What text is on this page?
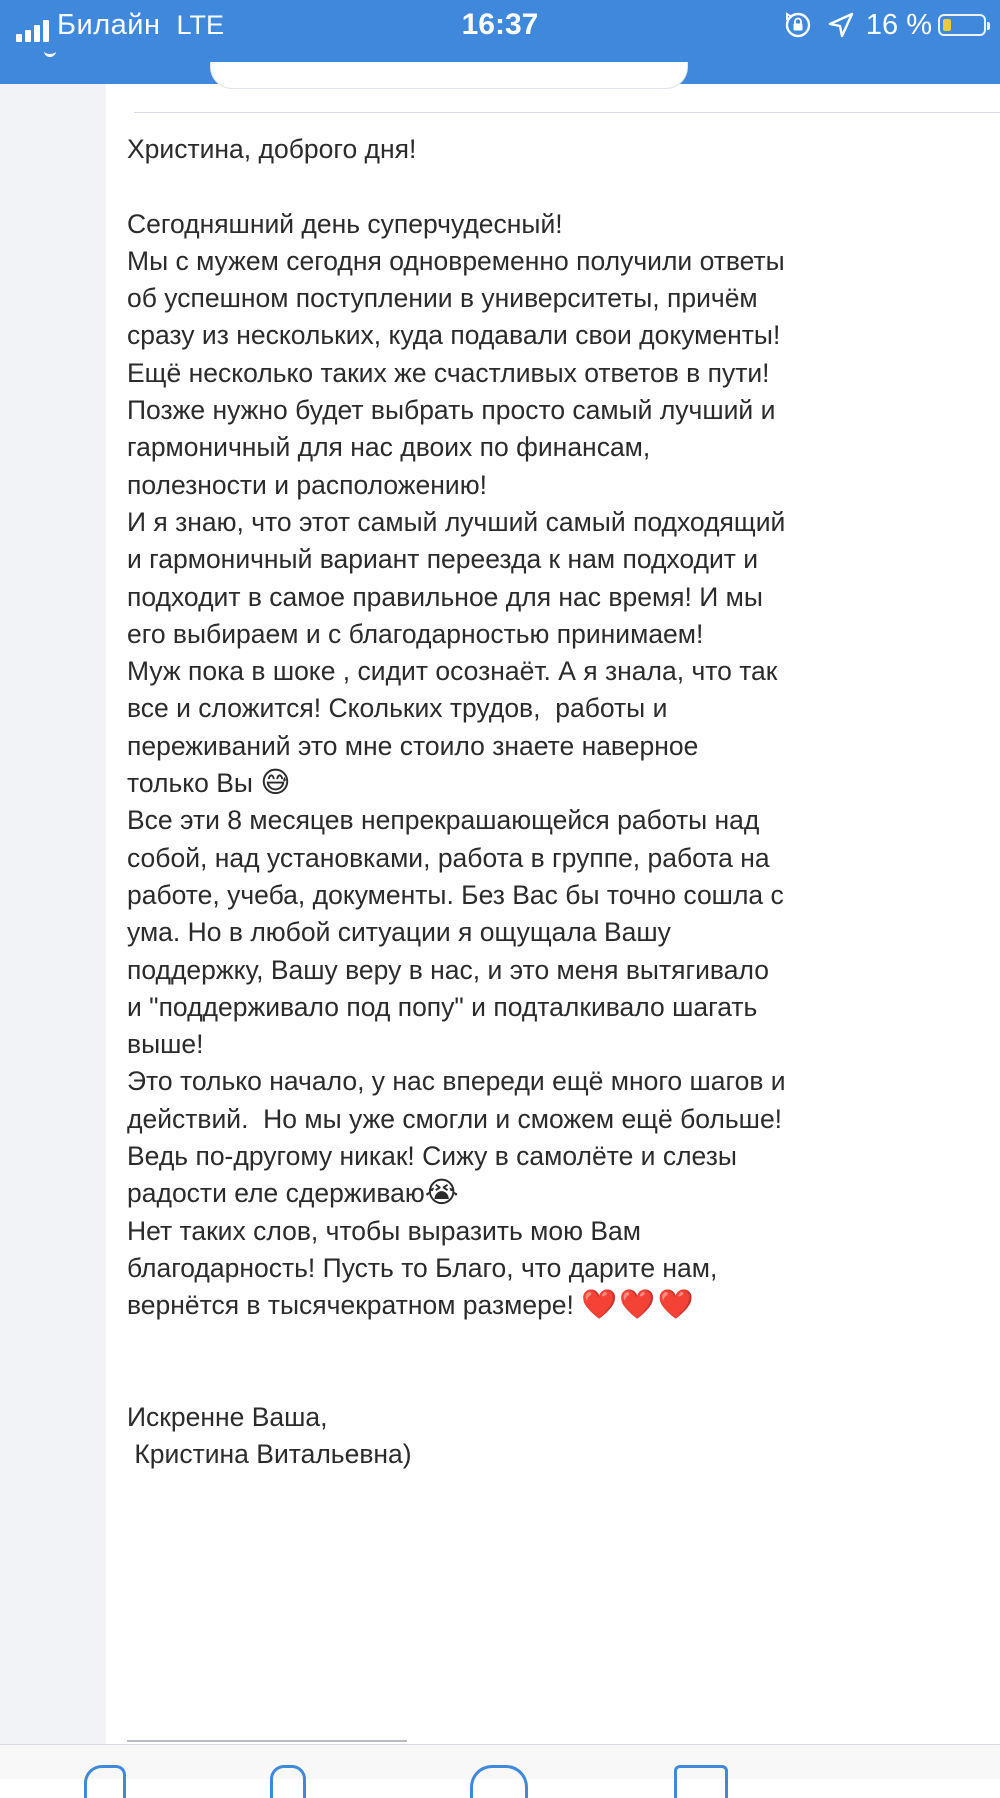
Билайн LTE	16:37	16 %

Христина, доброго дня!

Сегодняшний день суперчудесный!

Мы с мужем сегодня одновременно получили ответы об успешном поступлении в университеты, причём сразу из нескольких, куда подавали свои документы!

Ещё несколько таких же счастливых ответов в пути! Позже нужно будет выбрать просто самый лучший и гармоничный для нас двоих по финансам, полезности и расположению!

И я знаю, что этот самый лучший самый подходящий и гармоничный вариант переезда к нам подходит и подходит в самое правильное для нас время! И мы его выбираем и с благодарностью принимаем!

Муж пока в шоке , сидит осознаёт. А я знала, что так все и сложится! Скольких трудов,  работы и переживаний это мне стоило знаете наверное только Вы 😅

Все эти 8 месяцев непрекрашающейся работы над собой, над установками, работа в группе, работа на работе, учеба, документы. Без Вас бы точно сошла с ума. Но в любой ситуации я ощущала Вашу поддержку, Вашу веру в нас, и это меня вытягивало и "поддерживало под попу" и подталкивало шагать выше!

Это только начало, у нас впереди ещё много шагов и действий.  Но мы уже смогли и сможем ещё больше! Ведь по-другому никак! Сижу в самолёте и слезы радости еле сдерживаю😭

Нет таких слов, чтобы выразить мою Вам благодарность! Пусть то Благо, что дарите нам, вернётся в тысячекратном размере! ❤️❤️❤️

Искренне Ваша,

Кристина Витальевна)
